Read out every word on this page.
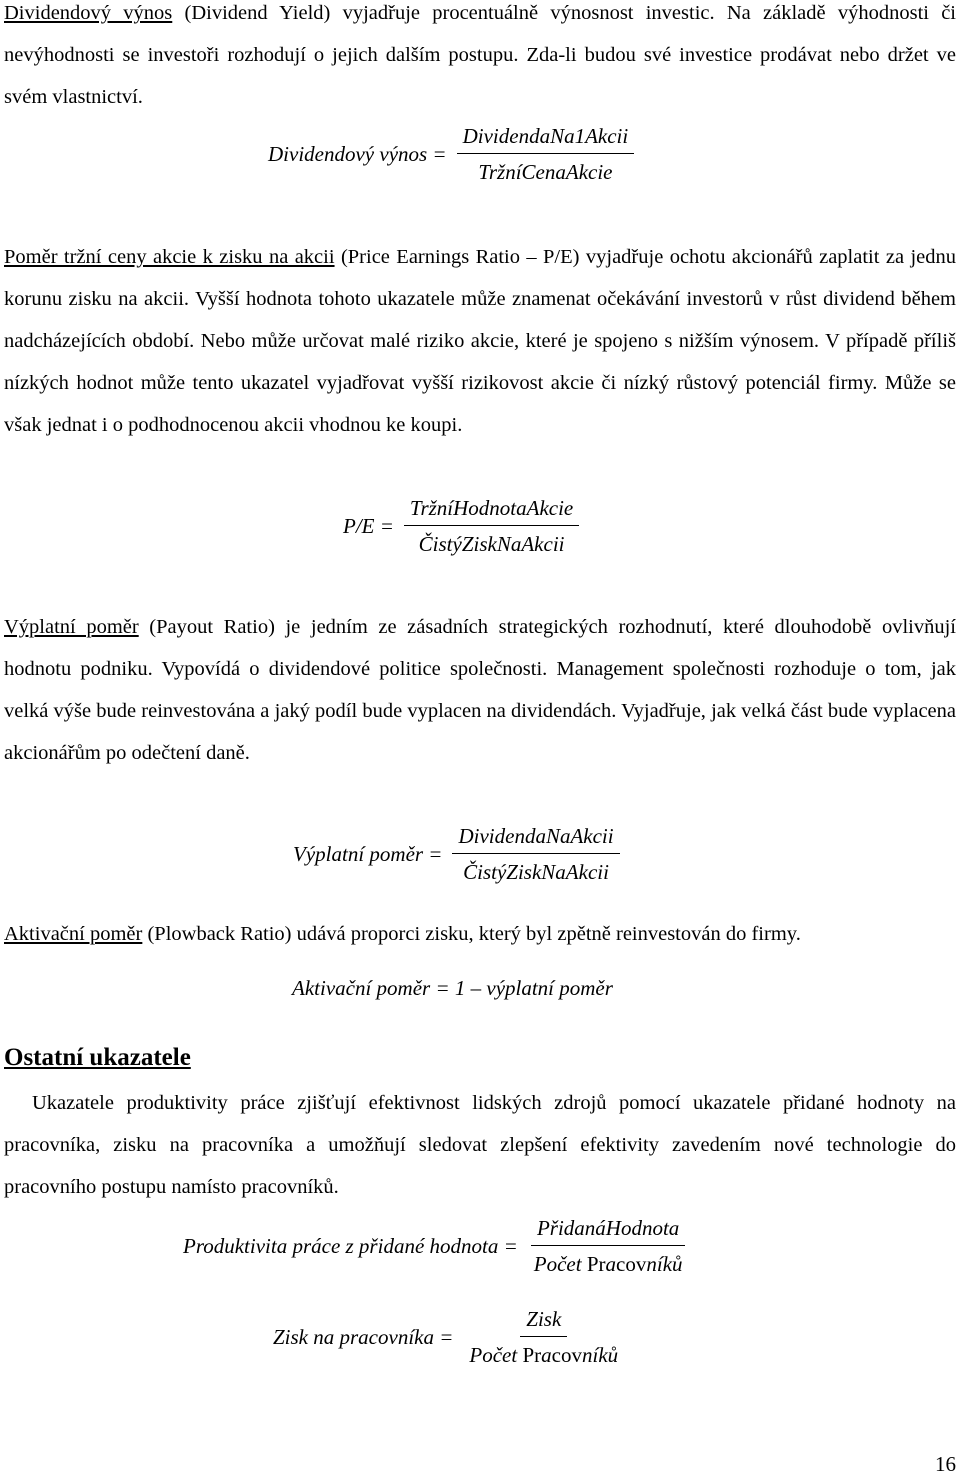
Dividendový výnos (Dividend Yield) vyjadřuje procentuálně výnosnost investic. Na základě výhodnosti či nevýhodnosti se investoři rozhodují o jejich dalším postupu. Zda-li budou své investice prodávat nebo držet ve svém vlastnictví.

Dividendový výnos = $\frac{\text{DividendaNa1Akcii}}{\text{TržníCenaAkcie}}$

Poměr tržní ceny akcie k zisku na akcii (Price Earnings Ratio – P/E) vyjadřuje ochotu akcionářů zaplatit za jednu korunu zisku na akcii. Vyšší hodnota tohoto ukazatele může znamenat očekávání investorů v růst dividend během nadcházejících období. Nebo může určovat malé riziko akcie, které je spojeno s nižším výnosem. V případě příliš nízkých hodnot může tento ukazatel vyjadřovat vyšší rizikovost akcie či nízký růstový potenciál firmy. Může se však jednat i o podhodnocenou akcii vhodnou ke koupi.

$P/E = \frac{\text{TržníHodnotaAkcie}}{\text{ČistýZiskNaAkcii}}$

Výplatní poměr (Payout Ratio) je jedním ze zásadních strategických rozhodnutí, které dlouhodobě ovlivňují hodnotu podniku. Vypovídá o dividendové politice společnosti. Management společnosti rozhoduje o tom, jak velká výše bude reinvestována a jaký podíl bude vyplacen na dividendách. Vyjadřuje, jak velká část bude vyplacena akcionářům po odečtení daně.

Výplatní poměr = $\frac{\text{DividendaNaAkcii}}{\text{ČistýZiskNaAkcii}}$

Aktivační poměr (Plowback Ratio) udává proporci zisku, který byl zpětně reinvestován do firmy.

Aktivační poměr = 1 – výplatní poměr
Ostatní ukazatele

Ukazatele produktivity práce zjišťují efektivnost lidských zdrojů pomocí ukazatele přidané hodnoty na pracovníka, zisku na pracovníka a umožňují sledovat zlepšení efektivity zavedením nové technologie do pracovního postupu namísto pracovníků.

Produktivita práce z přidané hodnota = $\frac{\text{PřidanáHodnota}}{\text{Počet Pracovníků}}$
Zisk na pracovníka = $\frac{\text{Zisk}}{\text{Počet Pracovníků}}$
16
